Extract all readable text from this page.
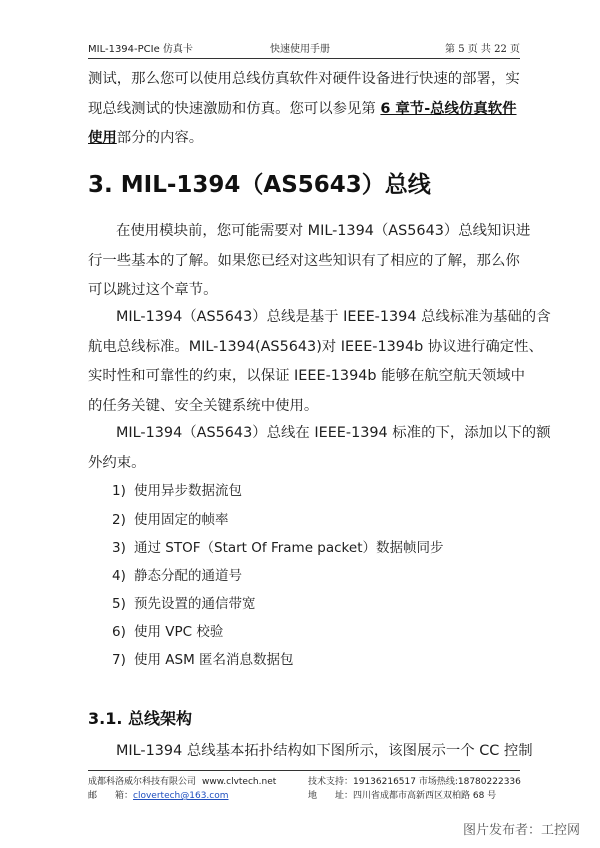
MIL-1394-PCIe 仿真卡	快速使用手册	第 5 页 共 22 页

测试，那么您可以使用总线仿真软件对硬件设备进行快速的部署，实
现总线测试的快速激励和仿真。您可以参见第 6 章节-总线仿真软件
使用部分的内容。

3. MIL-1394（AS5643）总线

在使用模块前，您可能需要对 MIL-1394（AS5643）总线知识进
行一些基本的了解。如果您已经对这些知识有了相应的了解，那么你
可以跳过这个章节。

MIL-1394（AS5643）总线是基于 IEEE-1394 总线标准为基础的含
航电总线标准。MIL-1394(AS5643)对 IEEE-1394b 协议进行确定性、
实时性和可靠性的约束，以保证 IEEE-1394b 能够在航空航天领域中
的任务关键、安全关键系统中使用。

MIL-1394（AS5643）总线在 IEEE-1394 标准的下，添加以下的额
外约束。

1) 使用异步数据流包
2) 使用固定的帧率
3) 通过 STOF（Start Of Frame packet）数据帧同步
4) 静态分配的通道号
5) 预先设置的通信带宽
6) 使用 VPC 校验
7) 使用 ASM 匿名消息数据包
3.1. 总线架构

MIL-1394 总线基本拓扑结构如下图所示，该图展示一个 CC 控制

成都科洛威尔科技有限公司 www.clvtech.net	技术支持：19136216517 市场热线:18780222336
邮　　箱：clovertech@163.com	地　　址：四川省成都市高新西区双柏路 68 号
图片发布者：工控网
